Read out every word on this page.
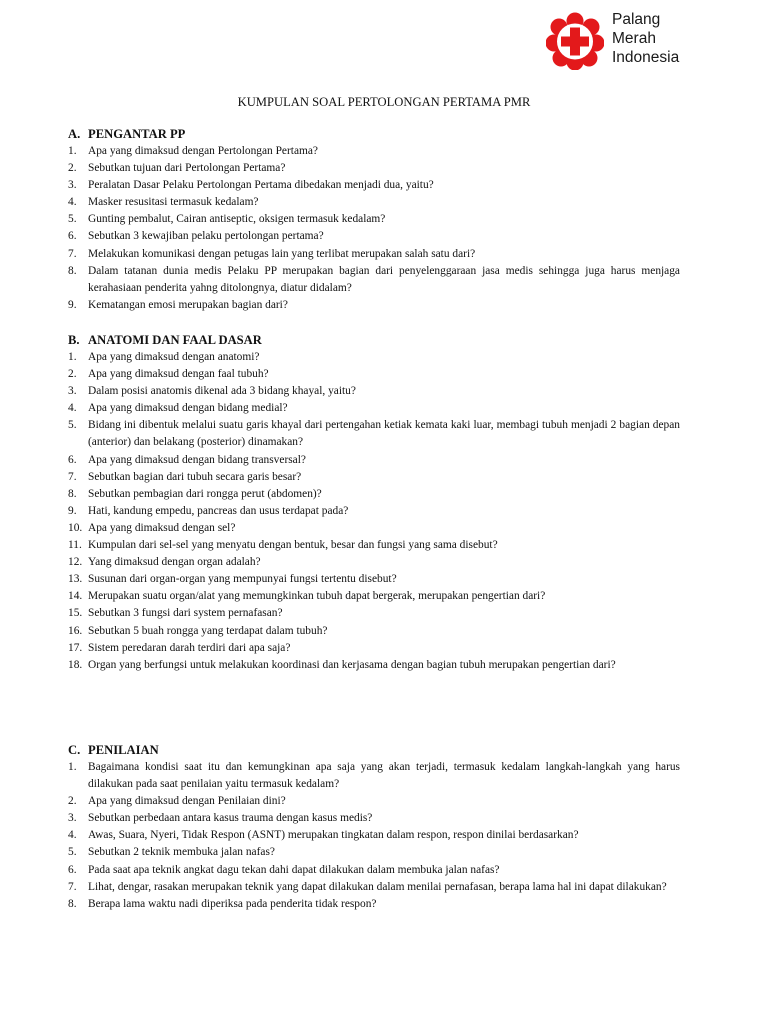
Palang
Merah
Indonesia
KUMPULAN SOAL PERTOLONGAN PERTAMA PMR
A. PENGANTAR PP
1.	Apa yang dimaksud dengan Pertolongan Pertama?
2.	Sebutkan tujuan dari Pertolongan Pertama?
3.	Peralatan Dasar Pelaku Pertolongan Pertama dibedakan menjadi dua, yaitu?
4.	Masker resusitasi termasuk kedalam?
5.	Gunting pembalut, Cairan antiseptic, oksigen termasuk kedalam?
6.	Sebutkan 3 kewajiban pelaku pertolongan pertama?
7.	Melakukan komunikasi dengan petugas lain yang terlibat merupakan salah satu dari?
8.	Dalam tatanan dunia medis Pelaku PP merupakan bagian dari penyelenggaraan jasa medis sehingga juga harus menjaga kerahasiaan penderita yahng ditolongnya, diatur didalam?
9.	Kematangan emosi merupakan bagian dari?
B. ANATOMI DAN FAAL DASAR
1.	Apa yang dimaksud dengan anatomi?
2.	Apa yang dimaksud dengan faal tubuh?
3.	Dalam posisi anatomis dikenal ada 3 bidang khayal, yaitu?
4.	Apa yang dimaksud dengan bidang medial?
5.	Bidang ini dibentuk melalui suatu garis khayal dari pertengahan ketiak kemata kaki luar, membagi tubuh menjadi 2 bagian depan (anterior) dan belakang (posterior) dinamakan?
6.	Apa yang dimaksud dengan bidang transversal?
7.	Sebutkan bagian dari tubuh secara garis besar?
8.	Sebutkan pembagian dari rongga perut (abdomen)?
9.	Hati, kandung empedu, pancreas dan usus terdapat pada?
10. Apa yang dimaksud dengan sel?
11. Kumpulan dari sel-sel yang menyatu dengan bentuk, besar dan fungsi yang sama disebut?
12. Yang dimaksud dengan organ adalah?
13. Susunan dari organ-organ yang mempunyai fungsi tertentu disebut?
14. Merupakan suatu organ/alat yang memungkinkan tubuh dapat bergerak, merupakan pengertian dari?
15. Sebutkan 3 fungsi dari system pernafasan?
16. Sebutkan 5 buah rongga yang terdapat dalam tubuh?
17. Sistem peredaran darah terdiri dari apa saja?
18. Organ yang berfungsi untuk melakukan koordinasi dan kerjasama dengan bagian tubuh merupakan pengertian dari?
C. PENILAIAN
1.	Bagaimana kondisi saat itu dan kemungkinan apa saja yang akan terjadi, termasuk kedalam langkah-langkah yang harus dilakukan pada saat penilaian yaitu termasuk kedalam?
2.	Apa yang dimaksud dengan Penilaian dini?
3.	Sebutkan perbedaan antara kasus trauma dengan kasus medis?
4.	Awas, Suara, Nyeri, Tidak Respon (ASNT) merupakan tingkatan dalam respon, respon dinilai berdasarkan?
5.	Sebutkan 2 teknik membuka jalan nafas?
6.	Pada saat apa teknik angkat dagu tekan dahi dapat dilakukan dalam membuka jalan nafas?
7.	Lihat, dengar, rasakan merupakan teknik yang dapat dilakukan dalam menilai pernafasan, berapa lama hal ini dapat dilakukan?
8.	Berapa lama waktu nadi diperiksa pada penderita tidak respon?
